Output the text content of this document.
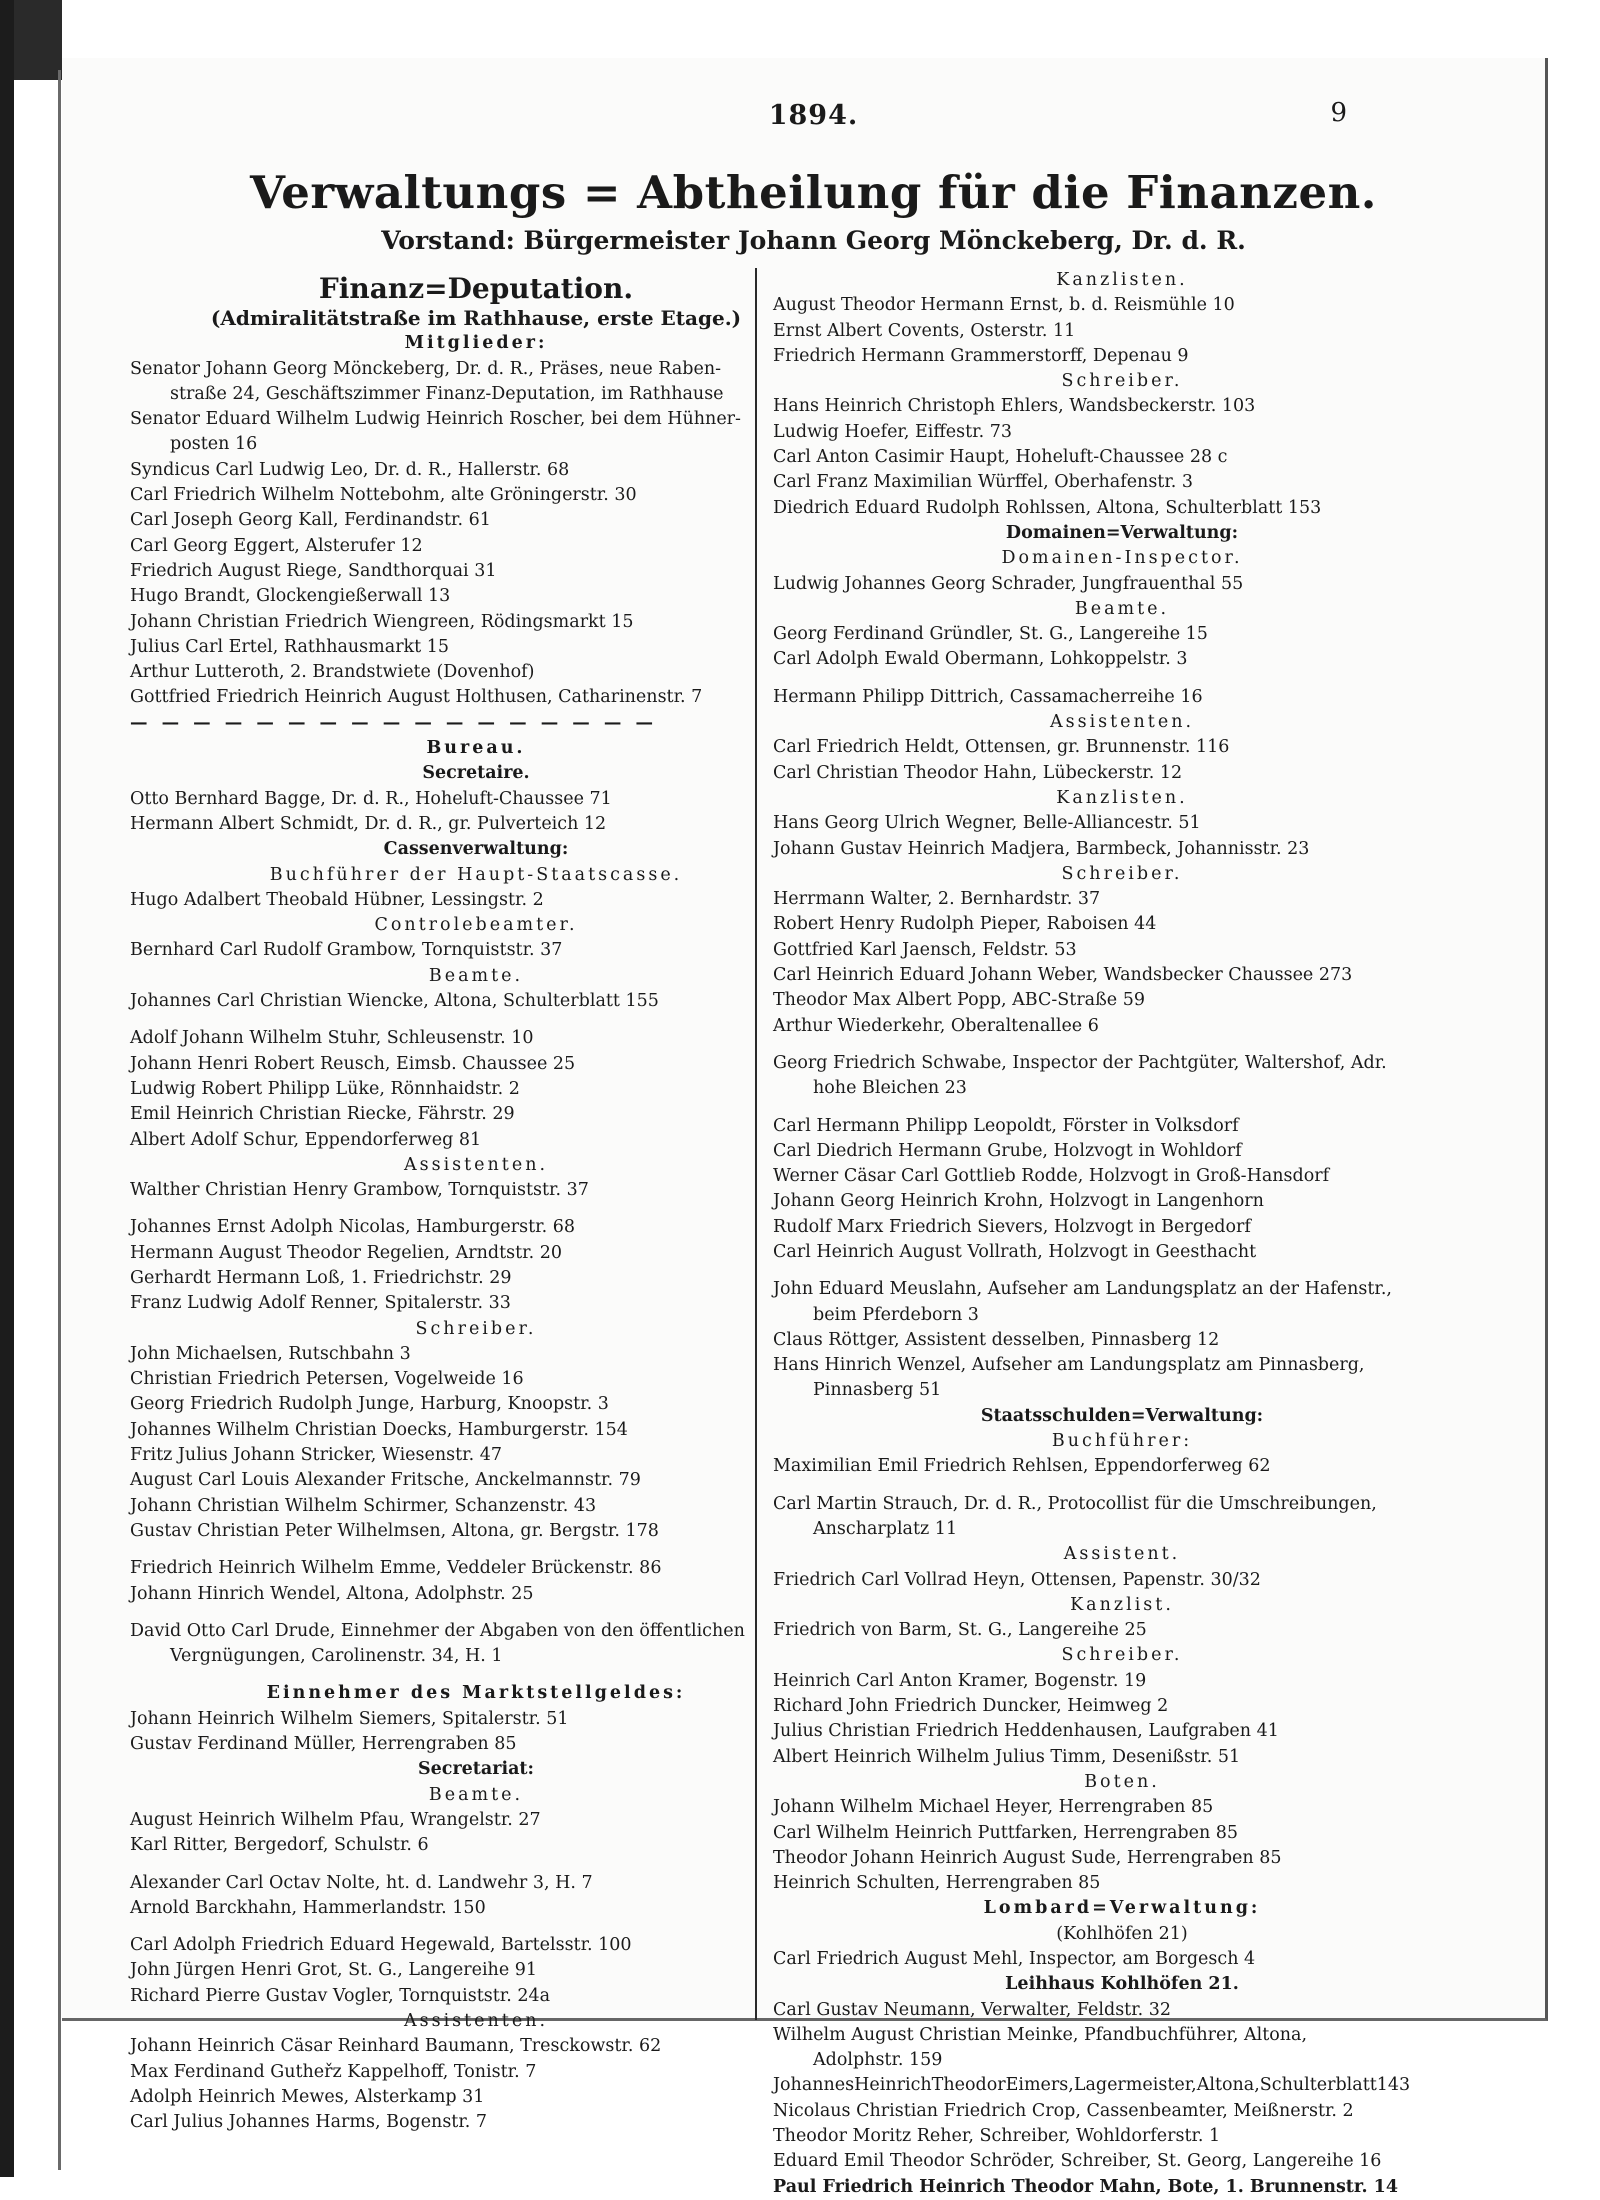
1894.	9
Verwaltungs = Abtheilung für die Finanzen.
Vorstand: Bürgermeister Johann Georg Mönckeberg, Dr. d. R.
Finanz=Deputation.
(Admiralitätstraße im Rathhause, erste Etage.)
Mitglieder:
Senator Johann Georg Mönckeberg, Dr. d. R., Präses, neue Raben-
straße 24, Geschäftszimmer Finanz-Deputation, im Rathhause
Senator Eduard Wilhelm Ludwig Heinrich Roscher, bei dem Hühner-
posten 16
Syndicus Carl Ludwig Leo, Dr. d. R., Hallerstr. 68
Carl Friedrich Wilhelm Nottebohm, alte Gröningerstr. 30
Carl Joseph Georg Kall, Ferdinandstr. 61
Carl Georg Eggert, Alsterufer 12
Friedrich August Riege, Sandthorquai 31
Hugo Brandt, Glockengießerwall 13
Johann Christian Friedrich Wiengreen, Rödingsmarkt 15
Julius Carl Ertel, Rathhausmarkt 15
Arthur Lutteroth, 2. Brandstwiete (Dovenhof)
Gottfried Friedrich Heinrich August Holthusen, Catharinenstr. 7
— — — — — — — — — — — — — — — — —
Bureau.
Secretaire.
Otto Bernhard Bagge, Dr. d. R., Hoheluft-Chaussee 71
Hermann Albert Schmidt, Dr. d. R., gr. Pulverteich 12
Cassenverwaltung:
Buchführer der Haupt-Staatscasse.
Hugo Adalbert Theobald Hübner, Lessingstr. 2
Controlebeamter.
Bernhard Carl Rudolf Grambow, Tornquiststr. 37
Beamte.
Johannes Carl Christian Wiencke, Altona, Schulterblatt 155
Adolf Johann Wilhelm Stuhr, Schleusenstr. 10
Johann Henri Robert Reusch, Eimsb. Chaussee 25
Ludwig Robert Philipp Lüke, Rönnhaidstr. 2
Emil Heinrich Christian Riecke, Fährstr. 29
Albert Adolf Schur, Eppendorferweg 81
Assistenten.
Walther Christian Henry Grambow, Tornquiststr. 37
Johannes Ernst Adolph Nicolas, Hamburgerstr. 68
Hermann August Theodor Regelien, Arndtstr. 20
Gerhardt Hermann Loß, 1. Friedrichstr. 29
Franz Ludwig Adolf Renner, Spitalerstr. 33
Schreiber.
John Michaelsen, Rutschbahn 3
Christian Friedrich Petersen, Vogelweide 16
Georg Friedrich Rudolph Junge, Harburg, Knoopstr. 3
Johannes Wilhelm Christian Doecks, Hamburgerstr. 154
Fritz Julius Johann Stricker, Wiesenstr. 47
August Carl Louis Alexander Fritsche, Anckelmannstr. 79
Johann Christian Wilhelm Schirmer, Schanzenstr. 43
Gustav Christian Peter Wilhelmsen, Altona, gr. Bergstr. 178
Friedrich Heinrich Wilhelm Emme, Veddeler Brückenstr. 86
Johann Hinrich Wendel, Altona, Adolphstr. 25
David Otto Carl Drude, Einnehmer der Abgaben von den öffentlichen
Vergnügungen, Carolinenstr. 34, H. 1
Einnehmer des Marktstellgeldes:
Johann Heinrich Wilhelm Siemers, Spitalerstr. 51
Gustav Ferdinand Müller, Herrengraben 85
Secretariat:
Beamte.
August Heinrich Wilhelm Pfau, Wrangelstr. 27
Karl Ritter, Bergedorf, Schulstr. 6
Alexander Carl Octav Nolte, ht. d. Landwehr 3, H. 7
Arnold Barckhahn, Hammerlandstr. 150
Carl Adolph Friedrich Eduard Hegewald, Bartelsstr. 100
John Jürgen Henri Grot, St. G., Langereihe 91
Richard Pierre Gustav Vogler, Tornquiststr. 24a
Assistenten.
Johann Heinrich Cäsar Reinhard Baumann, Tresckowstr. 62
Max Ferdinand Gutheřz Kappelhoff, Tonistr. 7
Adolph Heinrich Mewes, Alsterkamp 31
Carl Julius Johannes Harms, Bogenstr. 7
Kanzlisten.
August Theodor Hermann Ernst, b. d. Reismühle 10
Ernst Albert Covents, Osterstr. 11
Friedrich Hermann Grammerstorff, Depenau 9
Schreiber.
Hans Heinrich Christoph Ehlers, Wandsbeckerstr. 103
Ludwig Hoefer, Eiffestr. 73
Carl Anton Casimir Haupt, Hoheluft-Chaussee 28 c
Carl Franz Maximilian Würffel, Oberhafenstr. 3
Diedrich Eduard Rudolph Rohlssen, Altona, Schulterblatt 153
Domainen=Verwaltung:
Domainen-Inspector.
Ludwig Johannes Georg Schrader, Jungfrauenthal 55
Beamte.
Georg Ferdinand Gründler, St. G., Langereihe 15
Carl Adolph Ewald Obermann, Lohkoppelstr. 3
Hermann Philipp Dittrich, Cassamacherreihe 16
Assistenten.
Carl Friedrich Heldt, Ottensen, gr. Brunnenstr. 116
Carl Christian Theodor Hahn, Lübeckerstr. 12
Kanzlisten.
Hans Georg Ulrich Wegner, Belle-Alliancestr. 51
Johann Gustav Heinrich Madjera, Barmbeck, Johannisstr. 23
Schreiber.
Herrmann Walter, 2. Bernhardstr. 37
Robert Henry Rudolph Pieper, Raboisen 44
Gottfried Karl Jaensch, Feldstr. 53
Carl Heinrich Eduard Johann Weber, Wandsbecker Chaussee 273
Theodor Max Albert Popp, ABC-Straße 59
Arthur Wiederkehr, Oberaltenallee 6
Georg Friedrich Schwabe, Inspector der Pachtgüter, Waltershof, Adr.
hohe Bleichen 23
Carl Hermann Philipp Leopoldt, Förster in Volksdorf
Carl Diedrich Hermann Grube, Holzvogt in Wohldorf
Werner Cäsar Carl Gottlieb Rodde, Holzvogt in Groß-Hansdorf
Johann Georg Heinrich Krohn, Holzvogt in Langenhorn
Rudolf Marx Friedrich Sievers, Holzvogt in Bergedorf
Carl Heinrich August Vollrath, Holzvogt in Geesthacht
John Eduard Meuslahn, Aufseher am Landungsplatz an der Hafenstr.,
beim Pferdeborn 3
Claus Röttger, Assistent desselben, Pinnasberg 12
Hans Hinrich Wenzel, Aufseher am Landungsplatz am Pinnasberg,
Pinnasberg 51
Staatsschulden=Verwaltung:
Buchführer:
Maximilian Emil Friedrich Rehlsen, Eppendorferweg 62
Carl Martin Strauch, Dr. d. R., Protocollist für die Umschreibungen,
Anscharplatz 11
Assistent.
Friedrich Carl Vollrad Heyn, Ottensen, Papenstr. 30/32
Kanzlist.
Friedrich von Barm, St. G., Langereihe 25
Schreiber.
Heinrich Carl Anton Kramer, Bogenstr. 19
Richard John Friedrich Duncker, Heimweg 2
Julius Christian Friedrich Heddenhausen, Laufgraben 41
Albert Heinrich Wilhelm Julius Timm, Desenißstr. 51
Boten.
Johann Wilhelm Michael Heyer, Herrengraben 85
Carl Wilhelm Heinrich Puttfarken, Herrengraben 85
Theodor Johann Heinrich August Sude, Herrengraben 85
Heinrich Schulten, Herrengraben 85
Lombard=Verwaltung:
(Kohlhöfen 21)
Carl Friedrich August Mehl, Inspector, am Borgesch 4
Leihhaus Kohlhöfen 21.
Carl Gustav Neumann, Verwalter, Feldstr. 32
Wilhelm August Christian Meinke, Pfandbuchführer, Altona,
Adolphstr. 159
JohannesHeinrichTheodorEimers,Lagermeister,Altona,Schulterblatt143
Nicolaus Christian Friedrich Crop, Cassenbeamter, Meißnerstr. 2
Theodor Moritz Reher, Schreiber, Wohldorferstr. 1
Eduard Emil Theodor Schröder, Schreiber, St. Georg, Langereihe 16
Paul Friedrich Heinrich Theodor Mahn, Bote, 1. Brunnenstr. 14
